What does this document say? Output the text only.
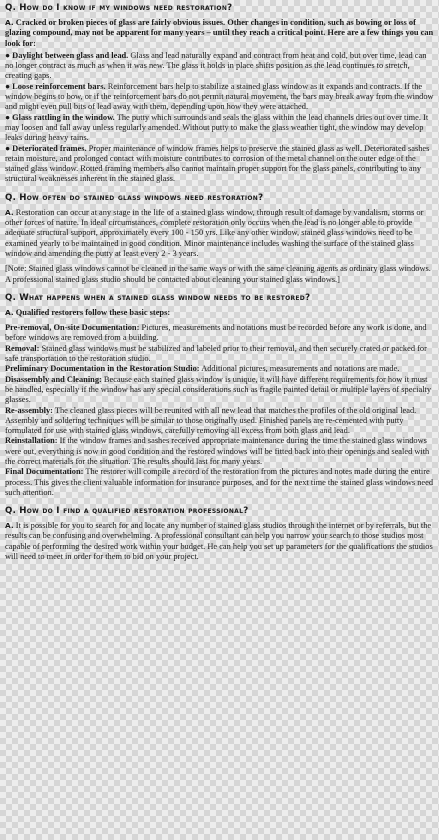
Q. How do I know if my windows need restoration?

A. Cracked or broken pieces of glass are fairly obvious issues. Other changes in condition, such as bowing or loss of glazing compound, may not be apparent for many years – until they reach a critical point. Here are a few things you can look for:

● Daylight between glass and lead. Glass and lead naturally expand and contract from heat and cold, but over time, lead can no longer contract as much as when it was new. The glass it holds in place shifts position as the lead continues to stretch, creating gaps.

● Loose reinforcement bars. Reinforcement bars help to stabilize a stained glass window as it expands and contracts. If the window begins to bow, or if the reinforcement bars do not permit natural movement, the bars may break away from the window and might even pull bits of lead away with them, depending upon how they were attached.

● Glass rattling in the window. The putty which surrounds and seals the glass within the lead channels dries out over time. It may loosen and fall away unless regularly amended. Without putty to make the glass weather tight, the window may develop leaks during heavy rains.

● Deteriorated frames. Proper maintenance of window frames helps to preserve the stained glass as well. Deteriorated sashes retain moisture, and prolonged contact with moisture contributes to corrosion of the metal channel on the outer edge of the stained glass window. Rotted framing members also cannot maintain proper support for the glass panels, contributing to any structural weaknesses inherent in the stained glass.

Q. How often do stained glass windows need restoration?

A. Restoration can occur at any stage in the life of a stained glass window, through result of damage by vandalism, storms or other forces of nature. In ideal circumstances, complete restoration only occurs when the lead is no longer able to provide adequate structural support, approximately every 100 - 150 yrs. Like any other window, stained glass windows need to be examined yearly to be maintained in good condition. Minor maintenance includes washing the surface of the stained glass window and amending the putty at least every 2 - 3 years.

[Note: Stained glass windows cannot be cleaned in the same ways or with the same cleaning agents as ordinary glass windows. A professional stained glass studio should be contacted about cleaning your stained glass windows.]

Q. What happens when a stained glass window needs to be restored?

A. Qualified restorers follow these basic steps:

Pre-removal, On-site Documentation: Pictures, measurements and notations must be recorded before any work is done, and before windows are removed from a building.

Removal: Stained glass windows must be stabilized and labeled prior to their removal, and then securely crated or packed for safe transportation to the restoration studio.

Preliminary Documentation in the Restoration Studio: Additional pictures, measurements and notations are made.

Disassembly and Cleaning: Because each stained glass window is unique, it will have different requirements for how it must be handled, especially if the window has any special considerations such as fragile painted detail or multiple layers of specialty glasses.

Re-assembly: The cleaned glass pieces will be reunited with all new lead that matches the profiles of the old original lead. Assembly and soldering techniques will be similar to those originally used. Finished panels are re-cemented with putty formulated for use with stained glass windows, carefully removing all excess from both glass and lead.

Reinstallation: If the window frames and sashes received appropriate maintenance during the time the stained glass windows were out, everything is now in good condition and the restored windows will be fitted back into their openings and sealed with the correct materials for the situation. The results should last for many years.

Final Documentation: The restorer will compile a record of the restoration from the pictures and notes made during the entire process. This gives the client valuable information for insurance purposes, and for the next time the stained glass windows need such attention.

Q. How do I find a qualified restoration professional?

A. It is possible for you to search for and locate any number of stained glass studios through the internet or by referrals, but the results can be confusing and overwhelming. A professional consultant can help you narrow your search to those studios most capable of performing the desired work within your budget. He can help you set up parameters for the qualifications the studios will need to meet in order for them to bid on your project.
